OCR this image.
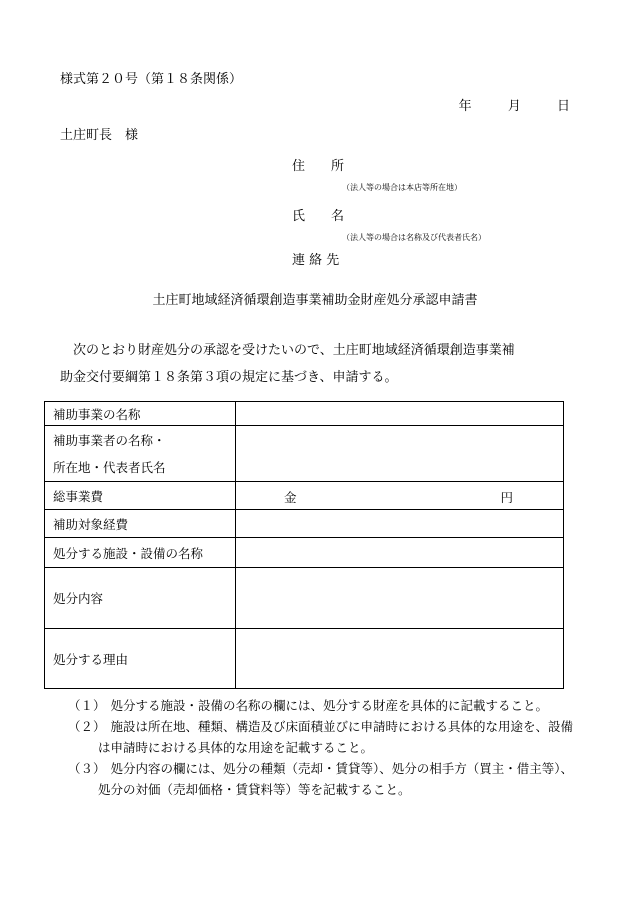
様式第２０号（第１８条関係）
年	月	日
土庄町長　様
住　　所
（法人等の場合は本店等所在地）
氏　　名
（法人等の場合は名称及び代表者氏名）
連 絡 先
土庄町地域経済循環創造事業補助金財産処分承認申請書

　次のとおり財産処分の承認を受けたいので、土庄町地域経済循環創造事業補

助金交付要綱第１８条第３項の規定に基づき、申請する。

補助事業の名称	

補助事業者の名称・
所在地・代表者氏名	

総事業費	金 円

補助対象経費	
処分する施設・設備の名称	
処分内容	
処分する理由	
（１）
　処分する施設・設備の名称の欄には、処分する財産を具体的に記載すること。
（２）
　施設は所在地、種類、構造及び床面積並びに申請時における具体的な用途を、設備は申請時における具体的な用途を記載すること。
（３）
　処分内容の欄には、処分の種類（売却・賃貸等）、処分の相手方（買主・借主等）、処分の対価（売却価格・賃貸料等）等を記載すること。
